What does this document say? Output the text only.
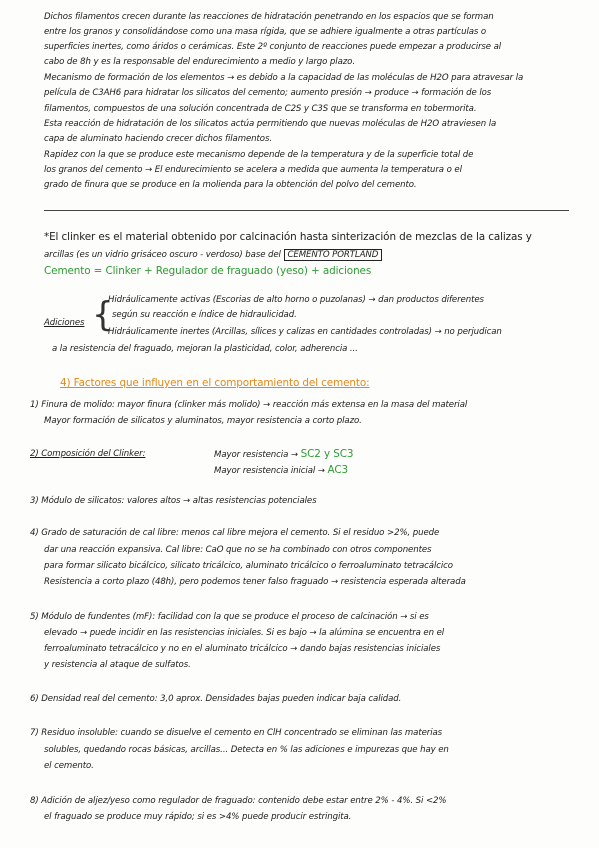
Dichos filamentos crecen durante las reacciones de hidratación penetrando en los espacios que se forman
entre los granos y consolidándose como una masa rígida, que se adhiere igualmente a otras partículas o
superficies inertes, como áridos o cerámicas. Este 2º conjunto de reacciones puede empezar a producirse al
cabo de 8h y es la responsable del endurecimiento a medio y largo plazo.
Mecanismo de formación de los elementos → es debido a la capacidad de las moléculas de H2O para atravesar la
película de C3AH6 para hidratar los silicatos del cemento; aumento presión → produce → formación de los
filamentos, compuestos de una solución concentrada de C2S y C3S que se transforma en tobermorita.
Esta reacción de hidratación de los silicatos actúa permitiendo que nuevas moléculas de H2O atraviesen la
capa de aluminato haciendo crecer dichos filamentos.
Rapidez con la que se produce este mecanismo depende de la temperatura y de la superficie total de
los granos del cemento → El endurecimiento se acelera a medida que aumenta la temperatura o el
grado de finura que se produce en la molienda para la obtención del polvo del cemento.
*El clinker es el material obtenido por calcinación hasta sinterización de mezclas de la calizas y
arcillas (es un vidrio grisáceo oscuro - verdoso) base del CEMENTO PORTLAND
Cemento = Clinker + Regulador de fraguado (yeso) + adiciones
Adiciones {
Hidráulicamente activas (Escorias de alto horno o puzolanas) → dan productos diferentes
según su reacción e índice de hidraulicidad.
Hidráulicamente inertes (Arcillas, sílices y calizas en cantidades controladas) → no perjudican
a la resistencia del fraguado, mejoran la plasticidad, color, adherencia ...
4) Factores que influyen en el comportamiento del cemento:
1) Finura de molido: mayor finura (clinker más molido) → reacción más extensa en la masa del material
Mayor formación de silicatos y aluminatos, mayor resistencia a corto plazo.
2) Composición del Clinker:	Mayor resistencia → SC2 y SC3
Mayor resistencia inicial → AC3
3) Módulo de silicatos: valores altos → altas resistencias potenciales
4) Grado de saturación de cal libre: menos cal libre mejora el cemento. Si el residuo >2%, puede
dar una reacción expansiva. Cal libre: CaO que no se ha combinado con otros componentes
para formar silicato bicálcico, silicato tricálcico, aluminato tricálcico o ferroaluminato tetracálcico
Resistencia a corto plazo (48h), pero podemos tener falso fraguado → resistencia esperada alterada
5) Módulo de fundentes (mF): facilidad con la que se produce el proceso de calcinación → si es
elevado → puede incidir en las resistencias iniciales. Si es bajo → la alúmina se encuentra en el
ferroaluminato tetracálcico y no en el aluminato tricálcico → dando bajas resistencias iniciales
y resistencia al ataque de sulfatos.
6) Densidad real del cemento: 3,0 aprox. Densidades bajas pueden indicar baja calidad.
7) Residuo insoluble: cuando se disuelve el cemento en ClH concentrado se eliminan las materias
solubles, quedando rocas básicas, arcillas... Detecta en % las adiciones e impurezas que hay en
el cemento.
8) Adición de aljez/yeso como regulador de fraguado: contenido debe estar entre 2% - 4%. Si <2%
el fraguado se produce muy rápido; si es >4% puede producir estringita.
